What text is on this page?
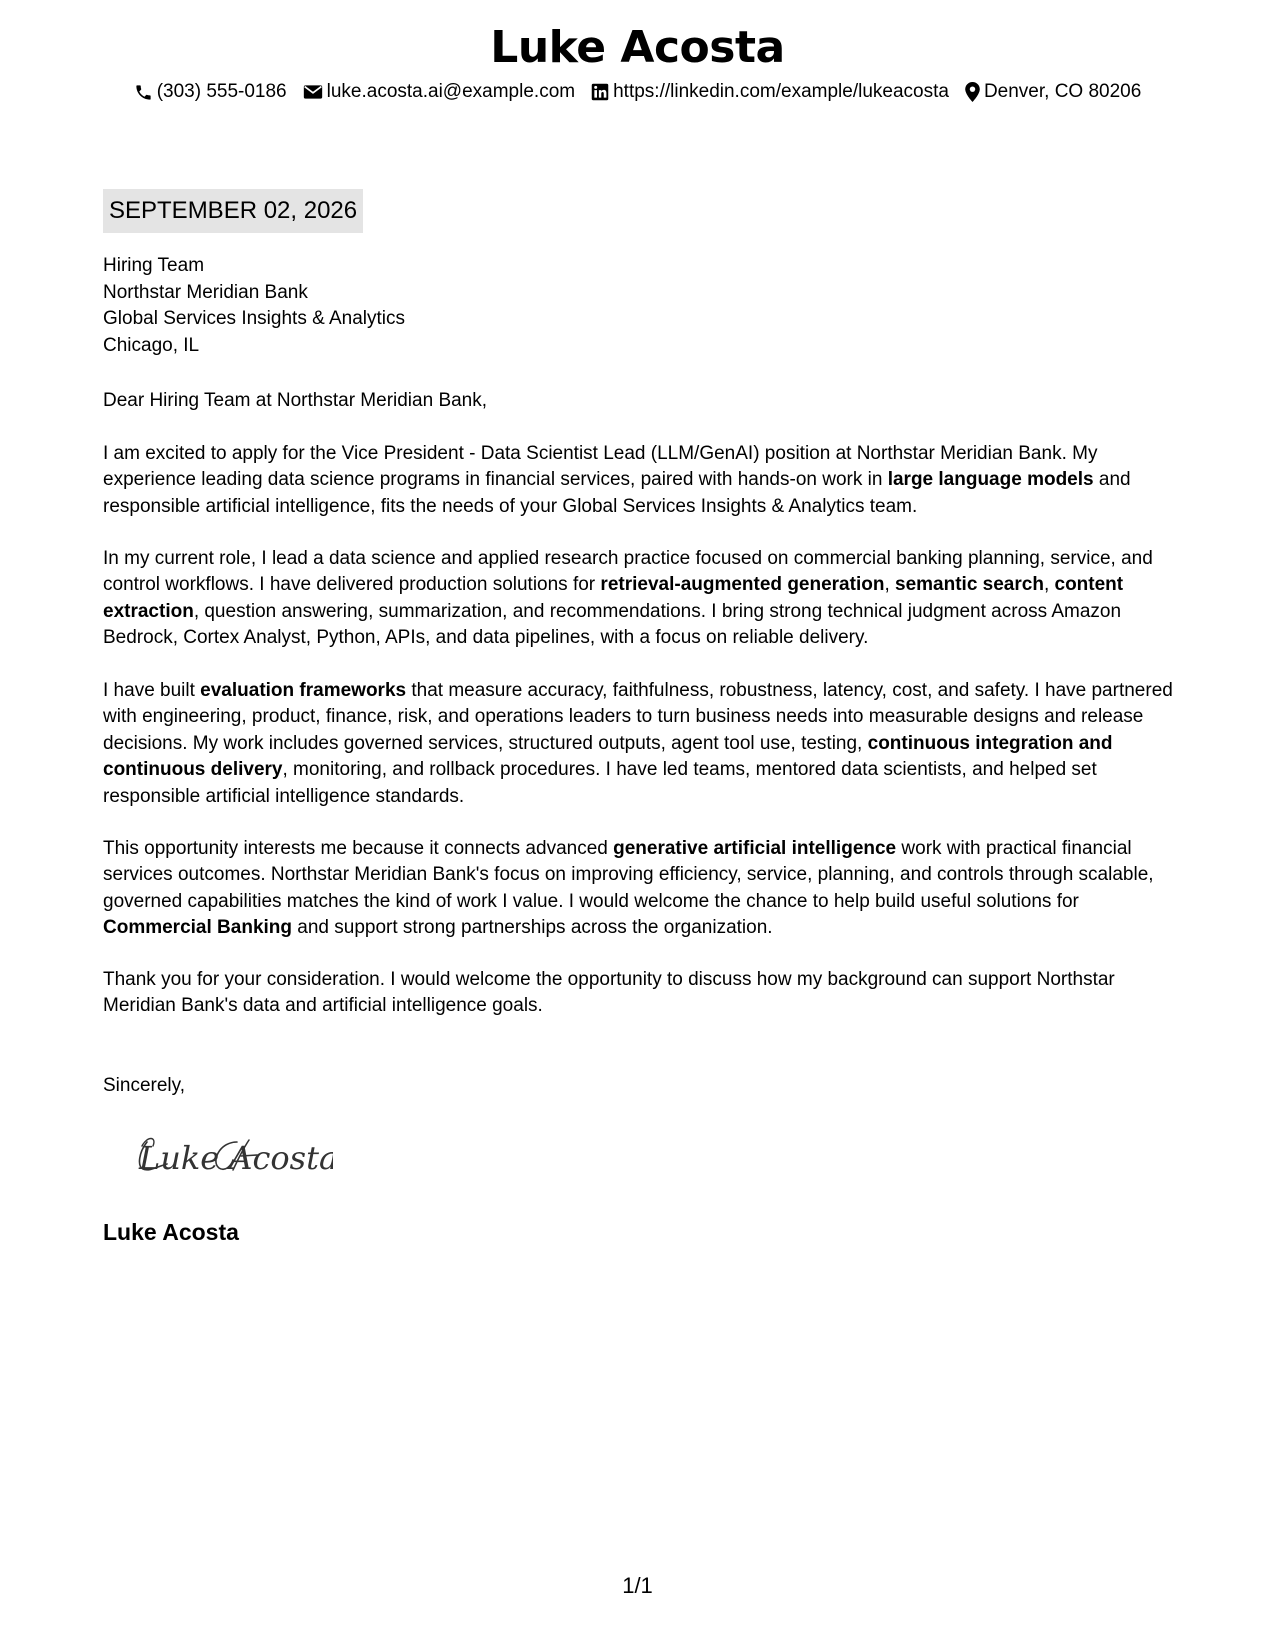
Luke Acosta
(303) 555-0186 luke.acosta.ai@example.com https://linkedin.com/example/lukeacosta Denver, CO 80206
SEPTEMBER 02, 2026
Hiring Team
Northstar Meridian Bank
Global Services Insights & Analytics
Chicago, IL

Dear Hiring Team at Northstar Meridian Bank,

I am excited to apply for the Vice President - Data Scientist Lead (LLM/GenAI) position at Northstar Meridian Bank. My experience leading data science programs in financial services, paired with hands-on work in large language models and responsible artificial intelligence, fits the needs of your Global Services Insights & Analytics team.

In my current role, I lead a data science and applied research practice focused on commercial banking planning, service, and control workflows. I have delivered production solutions for retrieval-augmented generation, semantic search, content extraction, question answering, summarization, and recommendations. I bring strong technical judgment across Amazon Bedrock, Cortex Analyst, Python, APIs, and data pipelines, with a focus on reliable delivery.

I have built evaluation frameworks that measure accuracy, faithfulness, robustness, latency, cost, and safety. I have partnered with engineering, product, finance, risk, and operations leaders to turn business needs into measurable designs and release decisions. My work includes governed services, structured outputs, agent tool use, testing, continuous integration and continuous delivery, monitoring, and rollback procedures. I have led teams, mentored data scientists, and helped set responsible artificial intelligence standards.

This opportunity interests me because it connects advanced generative artificial intelligence work with practical financial services outcomes. Northstar Meridian Bank's focus on improving efficiency, service, planning, and controls through scalable, governed capabilities matches the kind of work I value. I would welcome the chance to help build useful solutions for Commercial Banking and support strong partnerships across the organization.

Thank you for your consideration. I would welcome the opportunity to discuss how my background can support Northstar Meridian Bank's data and artificial intelligence goals.

Sincerely,

Luke Acosta
Luke Acosta
1/1
